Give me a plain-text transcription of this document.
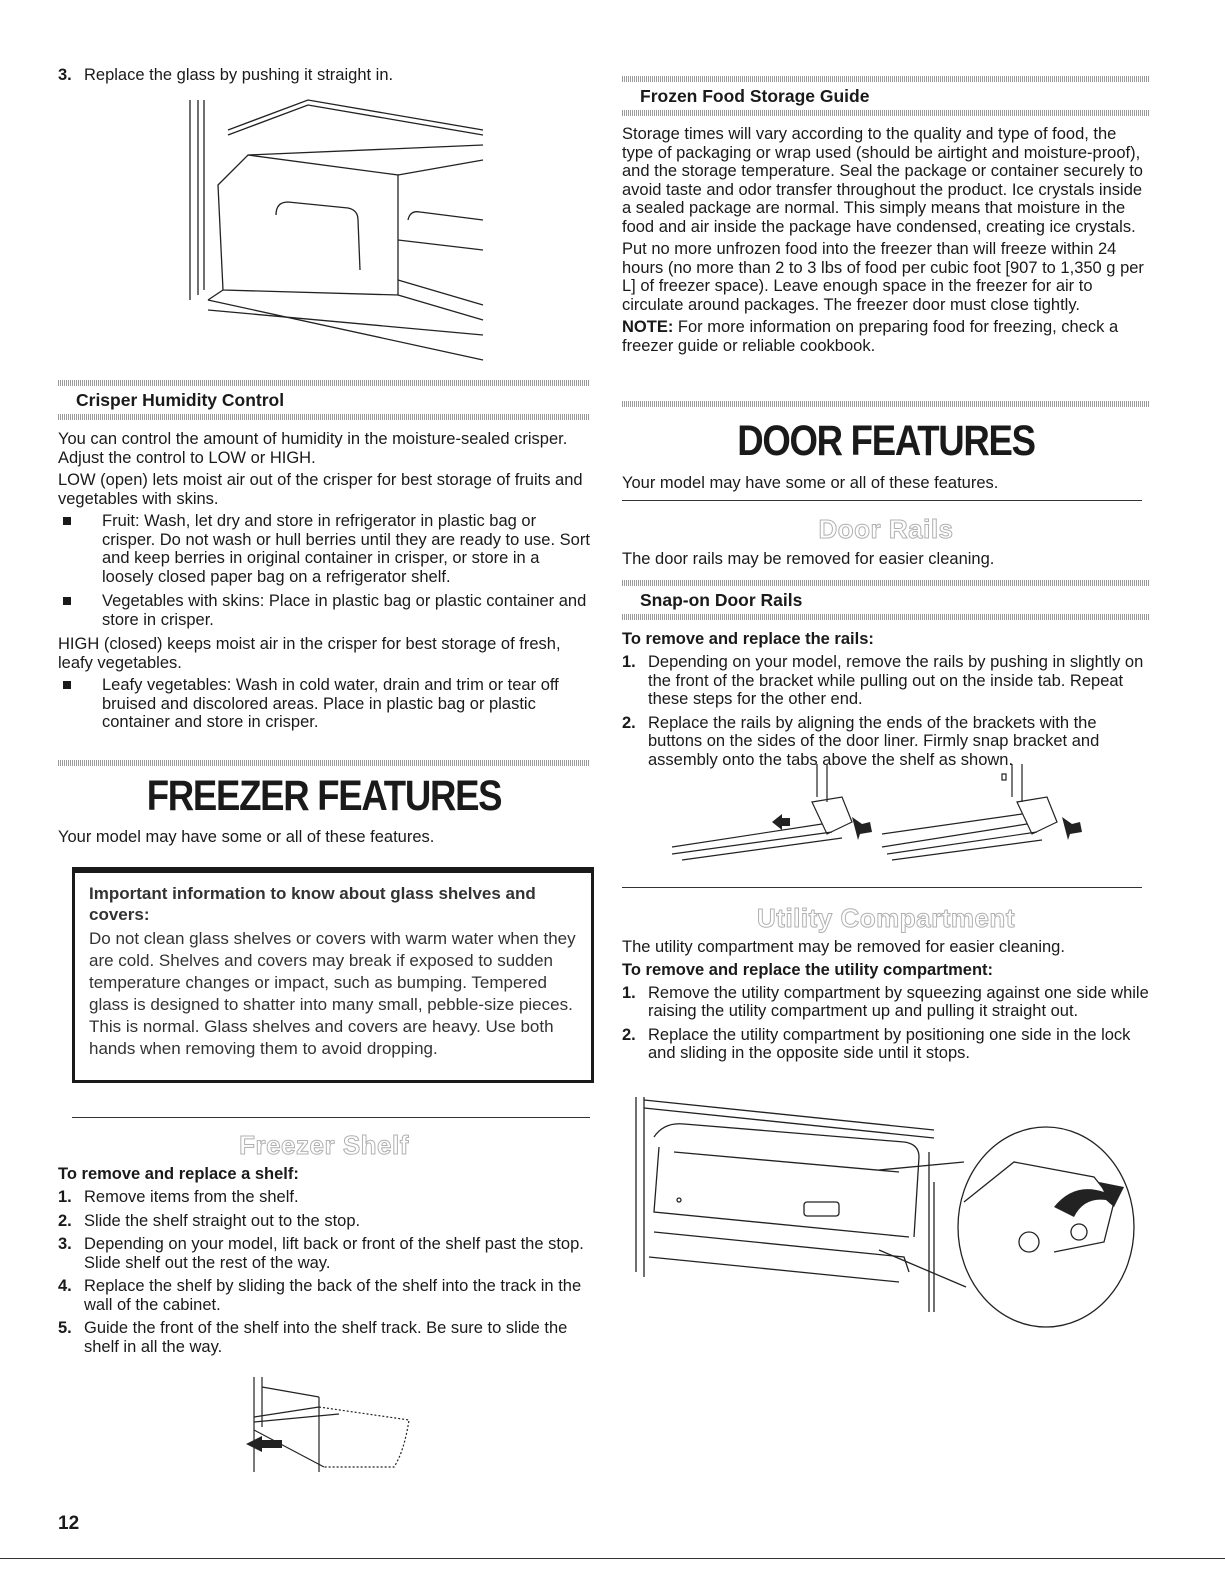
3. Replace the glass by pushing it straight in.
Crisper Humidity Control

You can control the amount of humidity in the moisture-sealed crisper. Adjust the control to LOW or HIGH.

LOW (open) lets moist air out of the crisper for best storage of fruits and vegetables with skins.

Fruit: Wash, let dry and store in refrigerator in plastic bag or crisper. Do not wash or hull berries until they are ready to use. Sort and keep berries in original container in crisper, or store in a loosely closed paper bag on a refrigerator shelf.
Vegetables with skins: Place in plastic bag or plastic container and store in crisper.

HIGH (closed) keeps moist air in the crisper for best storage of fresh, leafy vegetables.

Leafy vegetables: Wash in cold water, drain and trim or tear off bruised and discolored areas. Place in plastic bag or plastic container and store in crisper.
FREEZER FEATURES

Your model may have some or all of these features.

Important information to know about glass shelves and covers:
Do not clean glass shelves or covers with warm water when they are cold. Shelves and covers may break if exposed to sudden temperature changes or impact, such as bumping. Tempered glass is designed to shatter into many small, pebble-size pieces. This is normal. Glass shelves and covers are heavy. Use both hands when removing them to avoid dropping.
Freezer Shelf
To remove and replace a shelf:
1. Remove items from the shelf.
2. Slide the shelf straight out to the stop.
3. Depending on your model, lift back or front of the shelf past the stop. Slide shelf out the rest of the way.
4. Replace the shelf by sliding the back of the shelf into the track in the wall of the cabinet.
5. Guide the front of the shelf into the shelf track. Be sure to slide the shelf in all the way.
Frozen Food Storage Guide

Storage times will vary according to the quality and type of food, the type of packaging or wrap used (should be airtight and moisture-proof), and the storage temperature. Seal the package or container securely to avoid taste and odor transfer throughout the product. Ice crystals inside a sealed package are normal. This simply means that moisture in the food and air inside the package have condensed, creating ice crystals.

Put no more unfrozen food into the freezer than will freeze within 24 hours (no more than 2 to 3 lbs of food per cubic foot [907 to 1,350 g per L] of freezer space). Leave enough space in the freezer for air to circulate around packages. The freezer door must close tightly.

NOTE: For more information on preparing food for freezing, check a freezer guide or reliable cookbook.

DOOR FEATURES

Your model may have some or all of these features.

Door Rails

The door rails may be removed for easier cleaning.

Snap-on Door Rails
To remove and replace the rails:
1. Depending on your model, remove the rails by pushing in slightly on the front of the bracket while pulling out on the inside tab. Repeat these steps for the other end.
2. Replace the rails by aligning the ends of the brackets with the buttons on the sides of the door liner. Firmly snap bracket and assembly onto the tabs above the shelf as shown.
Utility Compartment

The utility compartment may be removed for easier cleaning.

To remove and replace the utility compartment:
1. Remove the utility compartment by squeezing against one side while raising the utility compartment up and pulling it straight out.
2. Replace the utility compartment by positioning one side in the lock and sliding in the opposite side until it stops.
12
